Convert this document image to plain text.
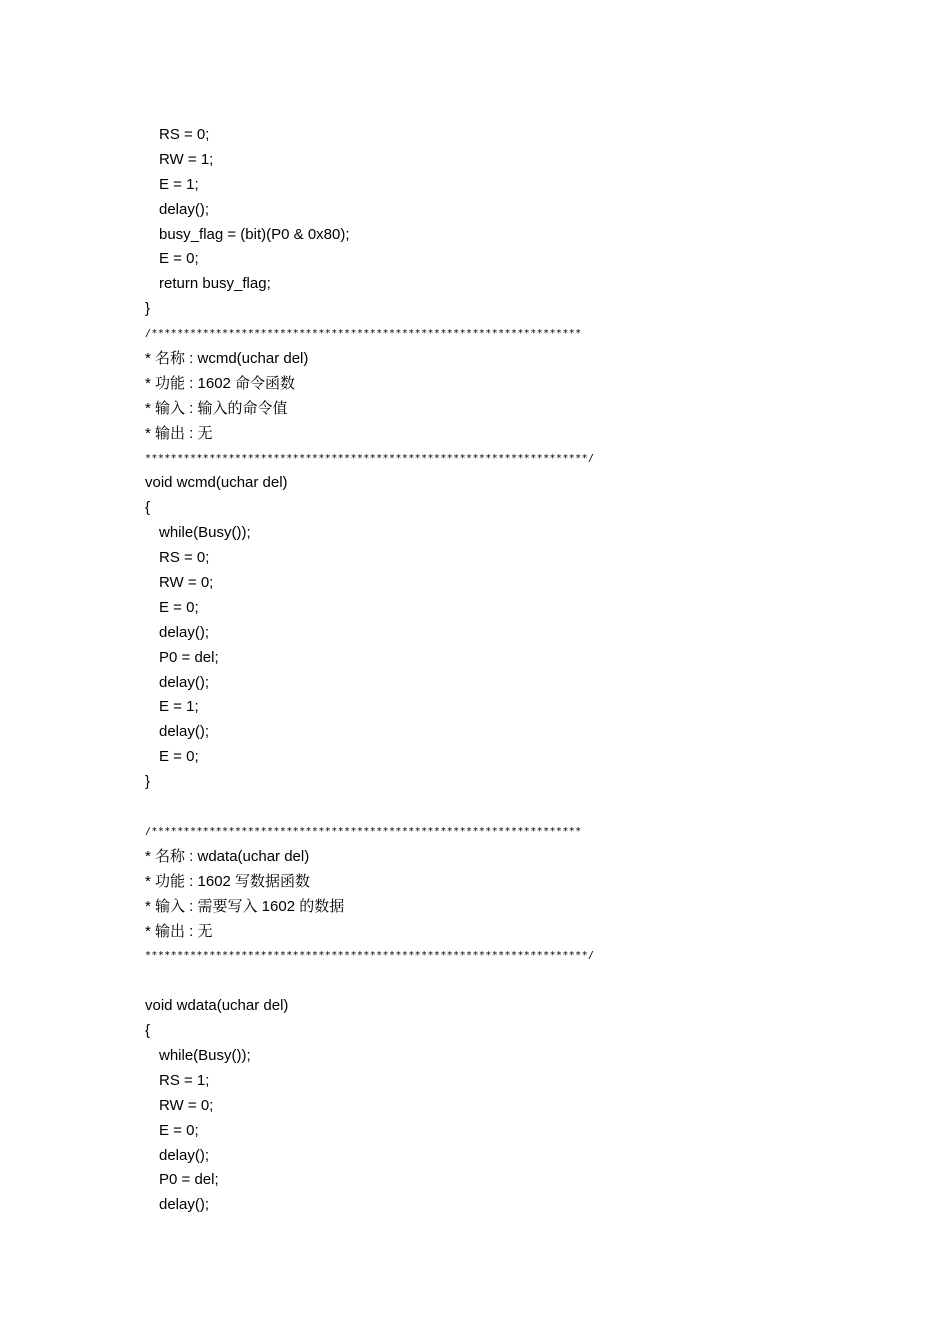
RS = 0;
RW = 1;
E = 1;
delay();
busy_flag = (bit)(P0 & 0x80);
E = 0;
return busy_flag;
}
/*******************************************************************
* 名称 : wcmd(uchar del)
* 功能 : 1602 命令函数
* 输入 : 输入的命令值
* 输出 : 无
*********************************************************************/
void wcmd(uchar del)
{
while(Busy());
RS = 0;
RW = 0;
E = 0;
delay();
P0 = del;
delay();
E = 1;
delay();
E = 0;
}
/*******************************************************************
* 名称 : wdata(uchar del)
* 功能 : 1602 写数据函数
* 输入 : 需要写入 1602 的数据
* 输出 : 无
*********************************************************************/
void wdata(uchar del)
{
while(Busy());
RS = 1;
RW = 0;
E = 0;
delay();
P0 = del;
delay();
